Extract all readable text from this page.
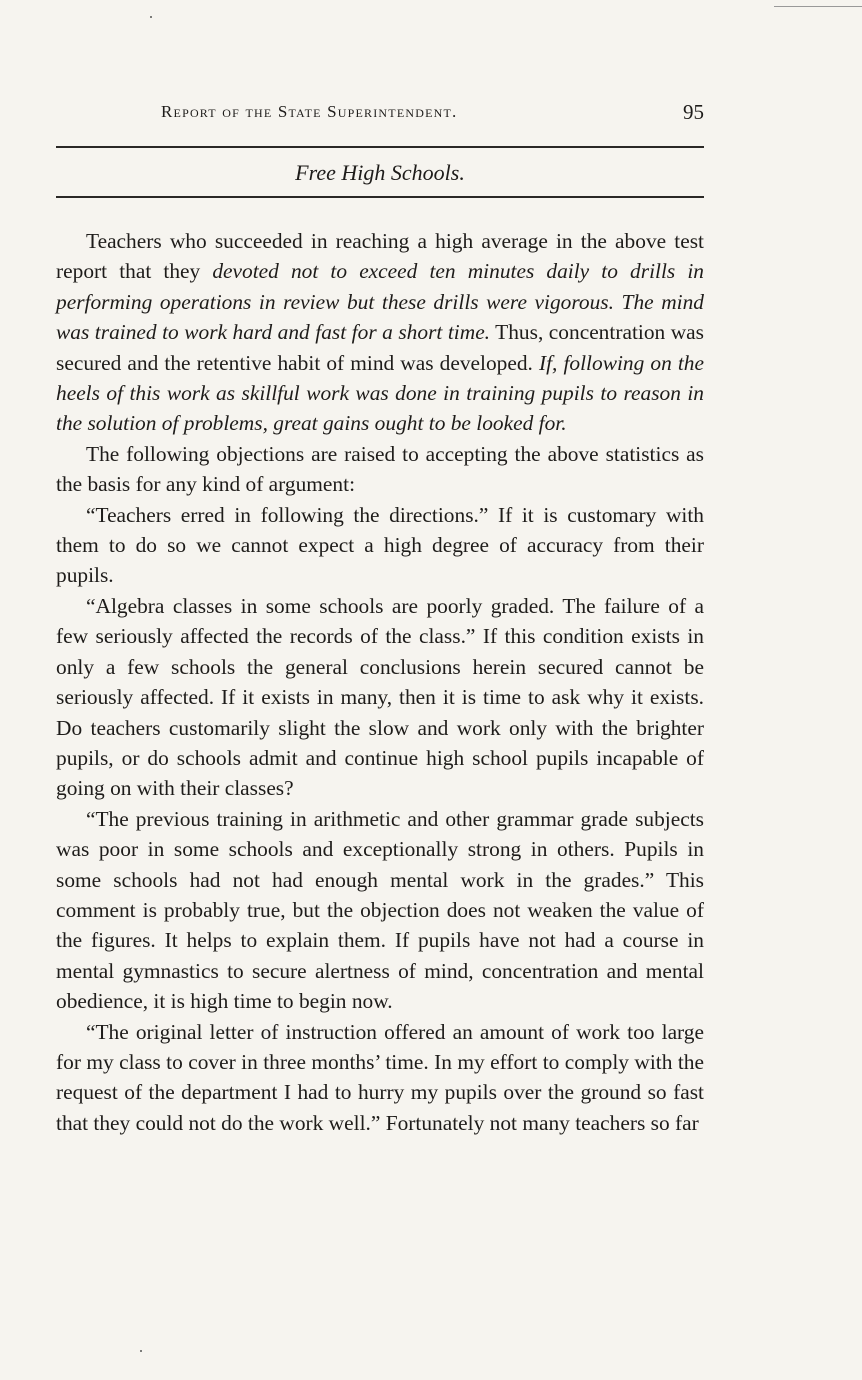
Report of the State Superintendent.	95
Free High Schools.

Teachers who succeeded in reaching a high average in the above test report that they devoted not to exceed ten minutes daily to drills in performing operations in review but these drills were vigorous. The mind was trained to work hard and fast for a short time. Thus, concentration was secured and the retentive habit of mind was developed. If, following on the heels of this work as skillful work was done in training pupils to reason in the solution of problems, great gains ought to be looked for.

The following objections are raised to accepting the above statistics as the basis for any kind of argument:

“Teachers erred in following the directions.” If it is customary with them to do so we cannot expect a high degree of accuracy from their pupils.

“Algebra classes in some schools are poorly graded. The failure of a few seriously affected the records of the class.” If this condition exists in only a few schools the general conclusions herein secured cannot be seriously affected. If it exists in many, then it is time to ask why it exists. Do teachers customarily slight the slow and work only with the brighter pupils, or do schools admit and continue high school pupils incapable of going on with their classes?

“The previous training in arithmetic and other grammar grade subjects was poor in some schools and exceptionally strong in others. Pupils in some schools had not had enough mental work in the grades.” This comment is probably true, but the objection does not weaken the value of the figures. It helps to explain them. If pupils have not had a course in mental gymnastics to secure alertness of mind, concentration and mental obedience, it is high time to begin now.

“The original letter of instruction offered an amount of work too large for my class to cover in three months’ time. In my effort to comply with the request of the department I had to hurry my pupils over the ground so fast that they could not do the work well.” Fortunately not many teachers so far
